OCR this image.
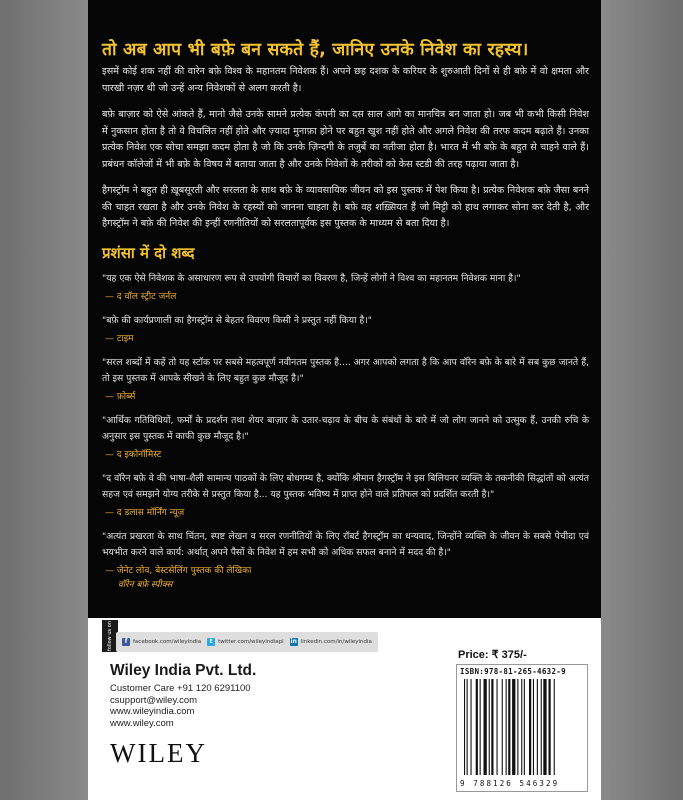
तो अब आप भी बफ़े बन सकते हैं, जानिए उनके निवेश का रहस्य।

इसमें कोई शक नहीं की वारेन बफ़े विश्व के महानतम निवेशक हैं। अपने छह दशक के करियर के शुरुआती दिनों से ही बफ़े में वो क्षमता और पारखी नज़र थी जो उन्हें अन्य निवेशकों से अलग करती है।

बफ़े बाज़ार को ऐसे आंकते हैं, मानो जैसे उनके सामने प्रत्येक कंपनी का दस साल आगे का मानचित्र बन जाता हो। जब भी कभी किसी निवेश में नुकसान होता है तो वे विचलित नहीं होते और ज़्यादा मुनाफ़ा होने पर बहुत खुश नहीं होते और अगले निवेश की तरफ कदम बढ़ाते हैं। उनका प्रत्येक निवेश एक सोचा समझा कदम होता है जो कि उनके ज़िन्दगी के तजुर्बे का नतीजा होता है। भारत में भी बफ़े के बहुत से चाहने वाले हैं। प्रबंधन कॉलेजों में भी बफ़े के विषय में बताया जाता है और उनके निवेशों के तरीकों को केस स्टडी की तरह पढ़ाया जाता है।

हैगस्ट्रॉम ने बहुत ही ख़ूबसूरती और सरलता के साथ बफ़े के व्यावसायिक जीवन को इस पुस्तक में पेश किया है। प्रत्येक निवेशक बफ़े जैसा बनने की चाहत रखता है और उनके निवेश के रहस्यों को जानना चाहता है। बफ़े वह शख़्सियत हैं जो मिट्टी को हाथ लगाकर सोना कर देती है, और हैगस्ट्रॉम ने बफ़े की निवेश की इन्हीं रणनीतियों को सरलतापूर्वक इस पुस्तक के माध्यम से बता दिया है।

प्रशंसा में दो शब्द

"यह एक ऐसे निवेशक के असाधारण रूप से उपयोगी विचारों का विवरण है, जिन्हें लोगों ने विश्व का महानतम निवेशक माना है।"

— द वॉल स्ट्रीट जर्नल

"बफ़े की कार्यप्रणाली का हैगस्ट्रॉम से बेहतर विवरण किसी ने प्रस्तुत नहीं किया है।"

— टाइम

"सरल शब्दों में कहें तो यह स्टॉक पर सबसे महत्वपूर्ण नवीनतम पुस्तक है.... अगर आपको लगता है कि आप वॉरेन बफ़े के बारे में सब कुछ जानते हैं, तो इस पुस्तक में आपके सीखने के लिए बहुत कुछ मौजूद है।"

— फ़ोर्ब्स

"आर्थिक गतिविधियों, फर्मों के प्रदर्शन तथा शेयर बाज़ार के उतार-चढ़ाव के बीच के संबंधों के बारे में जो लोग जानने को उत्सुक हैं, उनकी रुचि के अनुसार इस पुस्तक में काफी कुछ मौजूद है।"

— द इकोनॉमिस्ट

"द वॉरेन बफ़े वे की भाषा-शैली सामान्य पाठकों के लिए बोधगम्य है, क्योंकि श्रीमान हैगस्ट्रॉम ने इस बिलियनर व्यक्ति के तकनीकी सिद्धांतों को अत्यंत सहज एवं समझने योग्य तरीके से प्रस्तुत किया है... यह पुस्तक भविष्य में प्राप्त होने वाले प्रतिफल को प्रदर्शित करती है।"

— द डलास मॉर्निंग न्यूज़

"अत्यंत प्रखरता के साथ चिंतन, स्पष्ट लेखन व सरल रणनीतियों के लिए रॉबर्ट हैगस्ट्रॉम का धन्यवाद, जिन्होंने व्यक्ति के जीवन के सबसे पेचीदा एवं भयभीत करने वाले कार्य: अर्थात् अपने पैसों के निवेश में हम सभी को अधिक सफल बनाने में मदद की है।"

— जेनेट लोव, बेस्टसेलिंग पुस्तक की लेखिका

वॉरेन बफ़े स्पीक्स

follow us on	f	facebook.com/wileyindia	t	twitter.com/wileyindiapl in linkedin.com/in/wileyindia
Wiley India Pvt. Ltd.
Customer Care +91 120 6291100
csupport@wiley.com
www.wileyindia.com
www.wiley.com
WILEY
Price: ₹ 375/-
ISBN:978-81-265-4632-9
9 788126 546329
